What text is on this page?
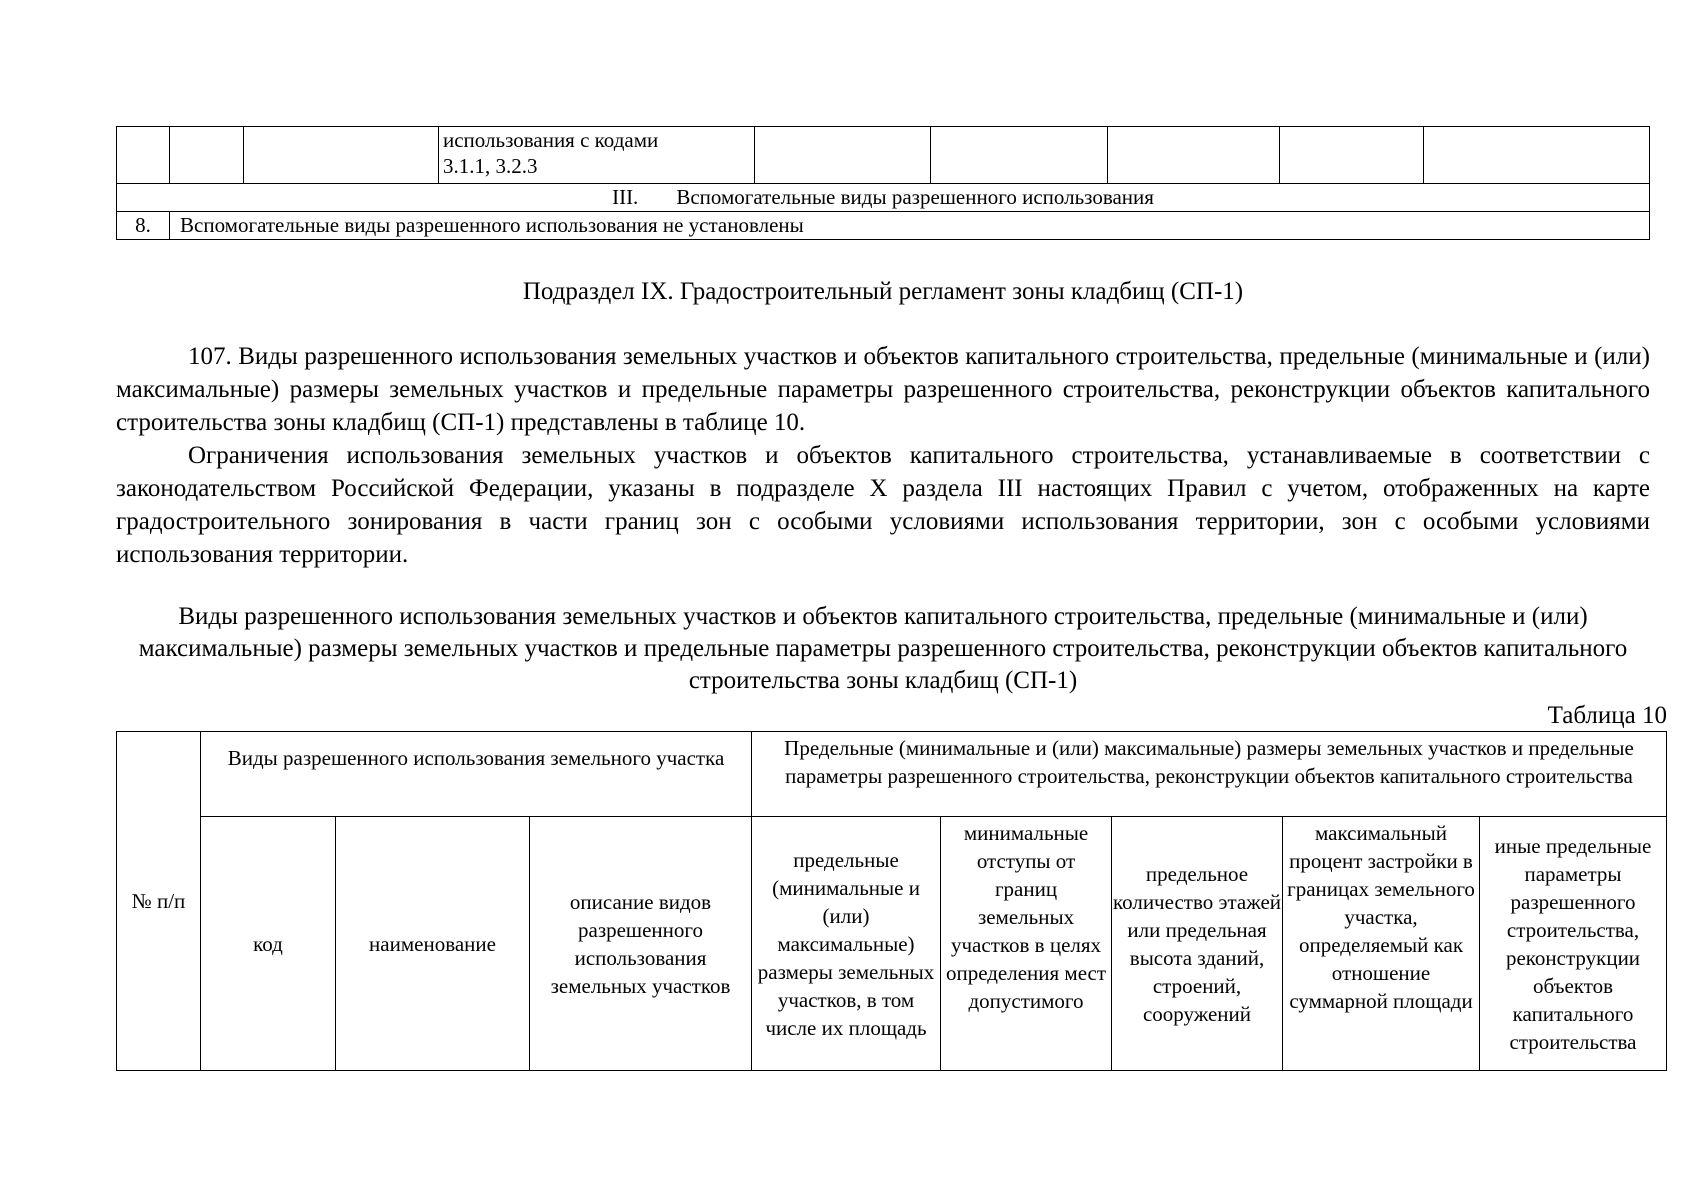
			использования с кодами
3.1.1, 3.2.3					

III. Вспомогательные виды разрешенного использования								
8.	Вспомогательные виды разрешенного использования не установлены							
Подраздел IX. Градостроительный регламент зоны кладбищ (СП-1)

107. Виды разрешенного использования земельных участков и объектов капитального строительства, предельные (минимальные и (или) максимальные) размеры земельных участков и предельные параметры разрешенного строительства, реконструкции объектов капитального строительства зоны кладбищ (СП-1) представлены в таблице 10.

Ограничения использования земельных участков и объектов капитального строительства, устанавливаемые в соответствии с законодательством Российской Федерации, указаны в подразделе X раздела III настоящих Правил с учетом, отображенных на карте градостроительного зонирования в части границ зон с особыми условиями использования территории, зон с особыми условиями использования территории.

Виды разрешенного использования земельных участков и объектов капитального строительства, предельные (минимальные и (или) максимальные) размеры земельных участков и предельные параметры разрешенного строительства, реконструкции объектов капитального строительства зоны кладбищ (СП-1)
Таблица 10
№ п/п	Виды разрешенного использования земельного участка			Предельные (минимальные и (или) максимальные) размеры земельных участков и предельные параметры разрешенного строительства, реконструкции объектов капитального строительства				
	код	наименование	описание видов разрешенного использования земельных участков	предельные (минимальные и (или) максимальные) размеры земельных участков, в том числе их площадь	минимальные отступы от границ земельных участков в целях определения мест допустимого	предельное количество этажей или предельная высота зданий, строений, сооружений	максимальный процент застройки в границах земельного участка, определяемый как отношение суммарной площади	иные предельные параметры разрешенного строительства, реконструкции объектов капитального строительства
